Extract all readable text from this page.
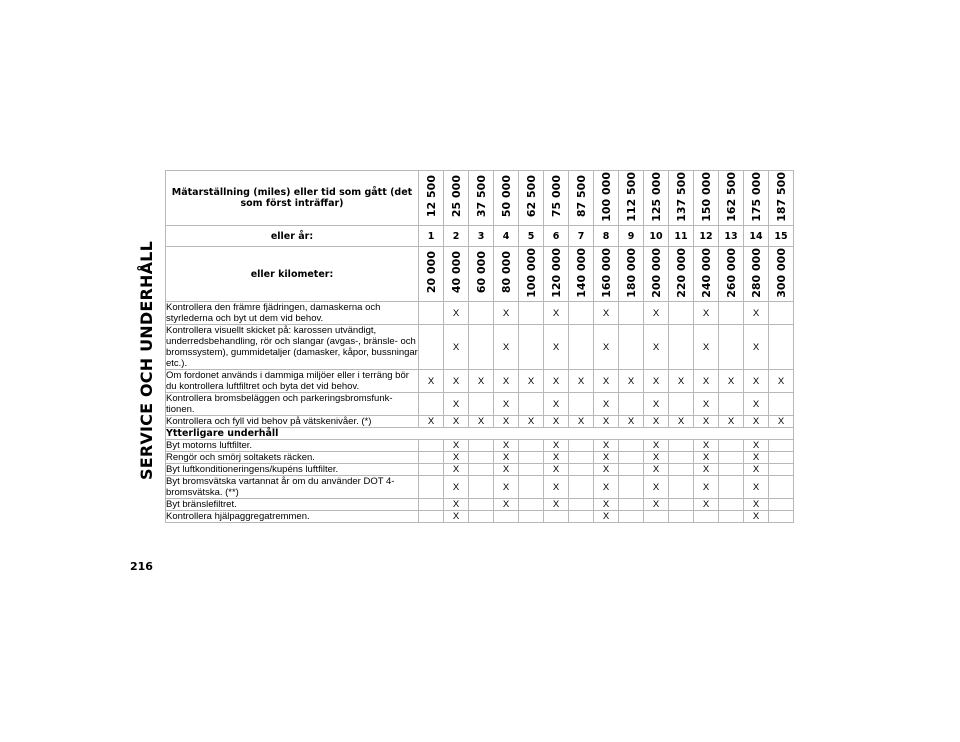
SERVICE OCH UNDERHÅLL
216
Mätarställning (miles) eller tid som gått (det som först inträffar)	12 500	25 000	37 500	50 000	62 500	75 000	87 500	100 000	112 500	125 000	137 500	150 000	162 500	175 000	187 500
eller år:	1	2	3	4	5	6	7	8	9	10	11	12	13	14	15
eller kilometer:	20 000	40 000	60 000	80 000	100 000	120 000	140 000	160 000	180 000	200 000	220 000	240 000	260 000	280 000	300 000
Kontrollera den främre fjädringen, damaskerna och styrlederna och byt ut dem vid behov.		X		X		X		X		X		X		X	
Kontrollera visuellt skicket på: karossen utvändigt, underredsbehandling, rör och slangar (avgas-, bränsle- och bromssystem), gummidetaljer (damasker, kåpor, bussningar etc.).		X		X		X		X		X		X		X	
Om fordonet används i dammiga miljöer eller i terräng bör du kontrollera luftfiltret och byta det vid behov.	X	X	X	X	X	X	X	X	X	X	X	X	X	X	X
Kontrollera bromsbeläggen och parkeringsbromsfunk- tionen.		X		X		X		X		X		X		X	
Kontrollera och fyll vid behov på vätskenivåer. (*)	X	X	X	X	X	X	X	X	X	X	X	X	X	X	X
Ytterligare underhåll															
Byt motorns luftfilter.		X		X		X		X		X		X		X	
Rengör och smörj soltakets räcken.		X		X		X		X		X		X		X	
Byt luftkonditioneringens/kupéns luftfilter.		X		X		X		X		X		X		X	
Byt bromsvätska vartannat år om du använder DOT 4-bromsvätska. (**)		X		X		X		X		X		X		X	
Byt bränslefiltret.		X		X		X		X		X		X		X	
Kontrollera hjälpaggregatremmen.		X						X						X	
